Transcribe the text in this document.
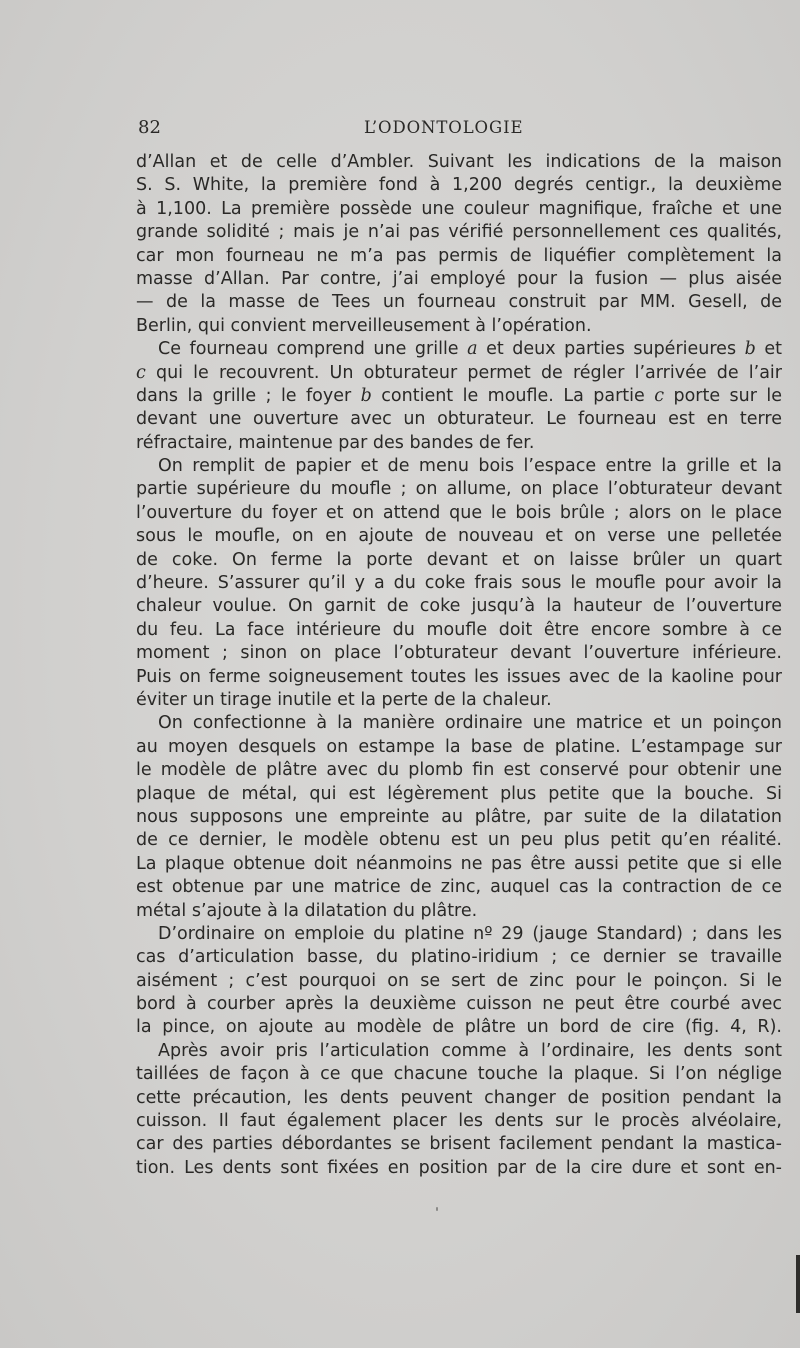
82	L’ODONTOLOGIE
d’Allan et de celle d’Ambler. Suivant les indications de la maison
S. S. White, la première fond à 1,200 degrés centigr., la deuxième
à 1,100. La première possède une couleur magnifique, fraîche et une
grande solidité ; mais je n’ai pas vérifié personnellement ces qualités,
car mon fourneau ne m’a pas permis de liquéfier complètement la
masse d’Allan. Par contre, j’ai employé pour la fusion — plus aisée
— de la masse de Tees un fourneau construit par MM. Gesell, de
Berlin, qui convient merveilleusement à l’opération.
Ce fourneau comprend une grille a et deux parties supérieures b et
c qui le recouvrent. Un obturateur permet de régler l’arrivée de l’air
dans la grille ; le foyer b contient le moufle. La partie c porte sur le
devant une ouverture avec un obturateur. Le fourneau est en terre
réfractaire, maintenue par des bandes de fer.
On remplit de papier et de menu bois l’espace entre la grille et la
partie supérieure du moufle ; on allume, on place l’obturateur devant
l’ouverture du foyer et on attend que le bois brûle ; alors on le place
sous le moufle, on en ajoute de nouveau et on verse une pelletée
de coke. On ferme la porte devant et on laisse brûler un quart
d’heure. S’assurer qu’il y a du coke frais sous le moufle pour avoir la
chaleur voulue. On garnit de coke jusqu’à la hauteur de l’ouverture
du feu. La face intérieure du moufle doit être encore sombre à ce
moment ; sinon on place l’obturateur devant l’ouverture inférieure.
Puis on ferme soigneusement toutes les issues avec de la kaoline pour
éviter un tirage inutile et la perte de la chaleur.
On confectionne à la manière ordinaire une matrice et un poinçon
au moyen desquels on estampe la base de platine. L’estampage sur
le modèle de plâtre avec du plomb fin est conservé pour obtenir une
plaque de métal, qui est légèrement plus petite que la bouche. Si
nous supposons une empreinte au plâtre, par suite de la dilatation
de ce dernier, le modèle obtenu est un peu plus petit qu’en réalité.
La plaque obtenue doit néanmoins ne pas être aussi petite que si elle
est obtenue par une matrice de zinc, auquel cas la contraction de ce
métal s’ajoute à la dilatation du plâtre.
D’ordinaire on emploie du platine nº 29 (jauge Standard) ; dans les
cas d’articulation basse, du platino-iridium ; ce dernier se travaille
aisément ; c’est pourquoi on se sert de zinc pour le poinçon. Si le
bord à courber après la deuxième cuisson ne peut être courbé avec
la pince, on ajoute au modèle de plâtre un bord de cire (fig. 4, R).
Après avoir pris l’articulation comme à l’ordinaire, les dents sont
taillées de façon à ce que chacune touche la plaque. Si l’on néglige
cette précaution, les dents peuvent changer de position pendant la
cuisson. Il faut également placer les dents sur le procès alvéolaire,
car des parties débordantes se brisent facilement pendant la mastica-
tion. Les dents sont fixées en position par de la cire dure et sont en-
